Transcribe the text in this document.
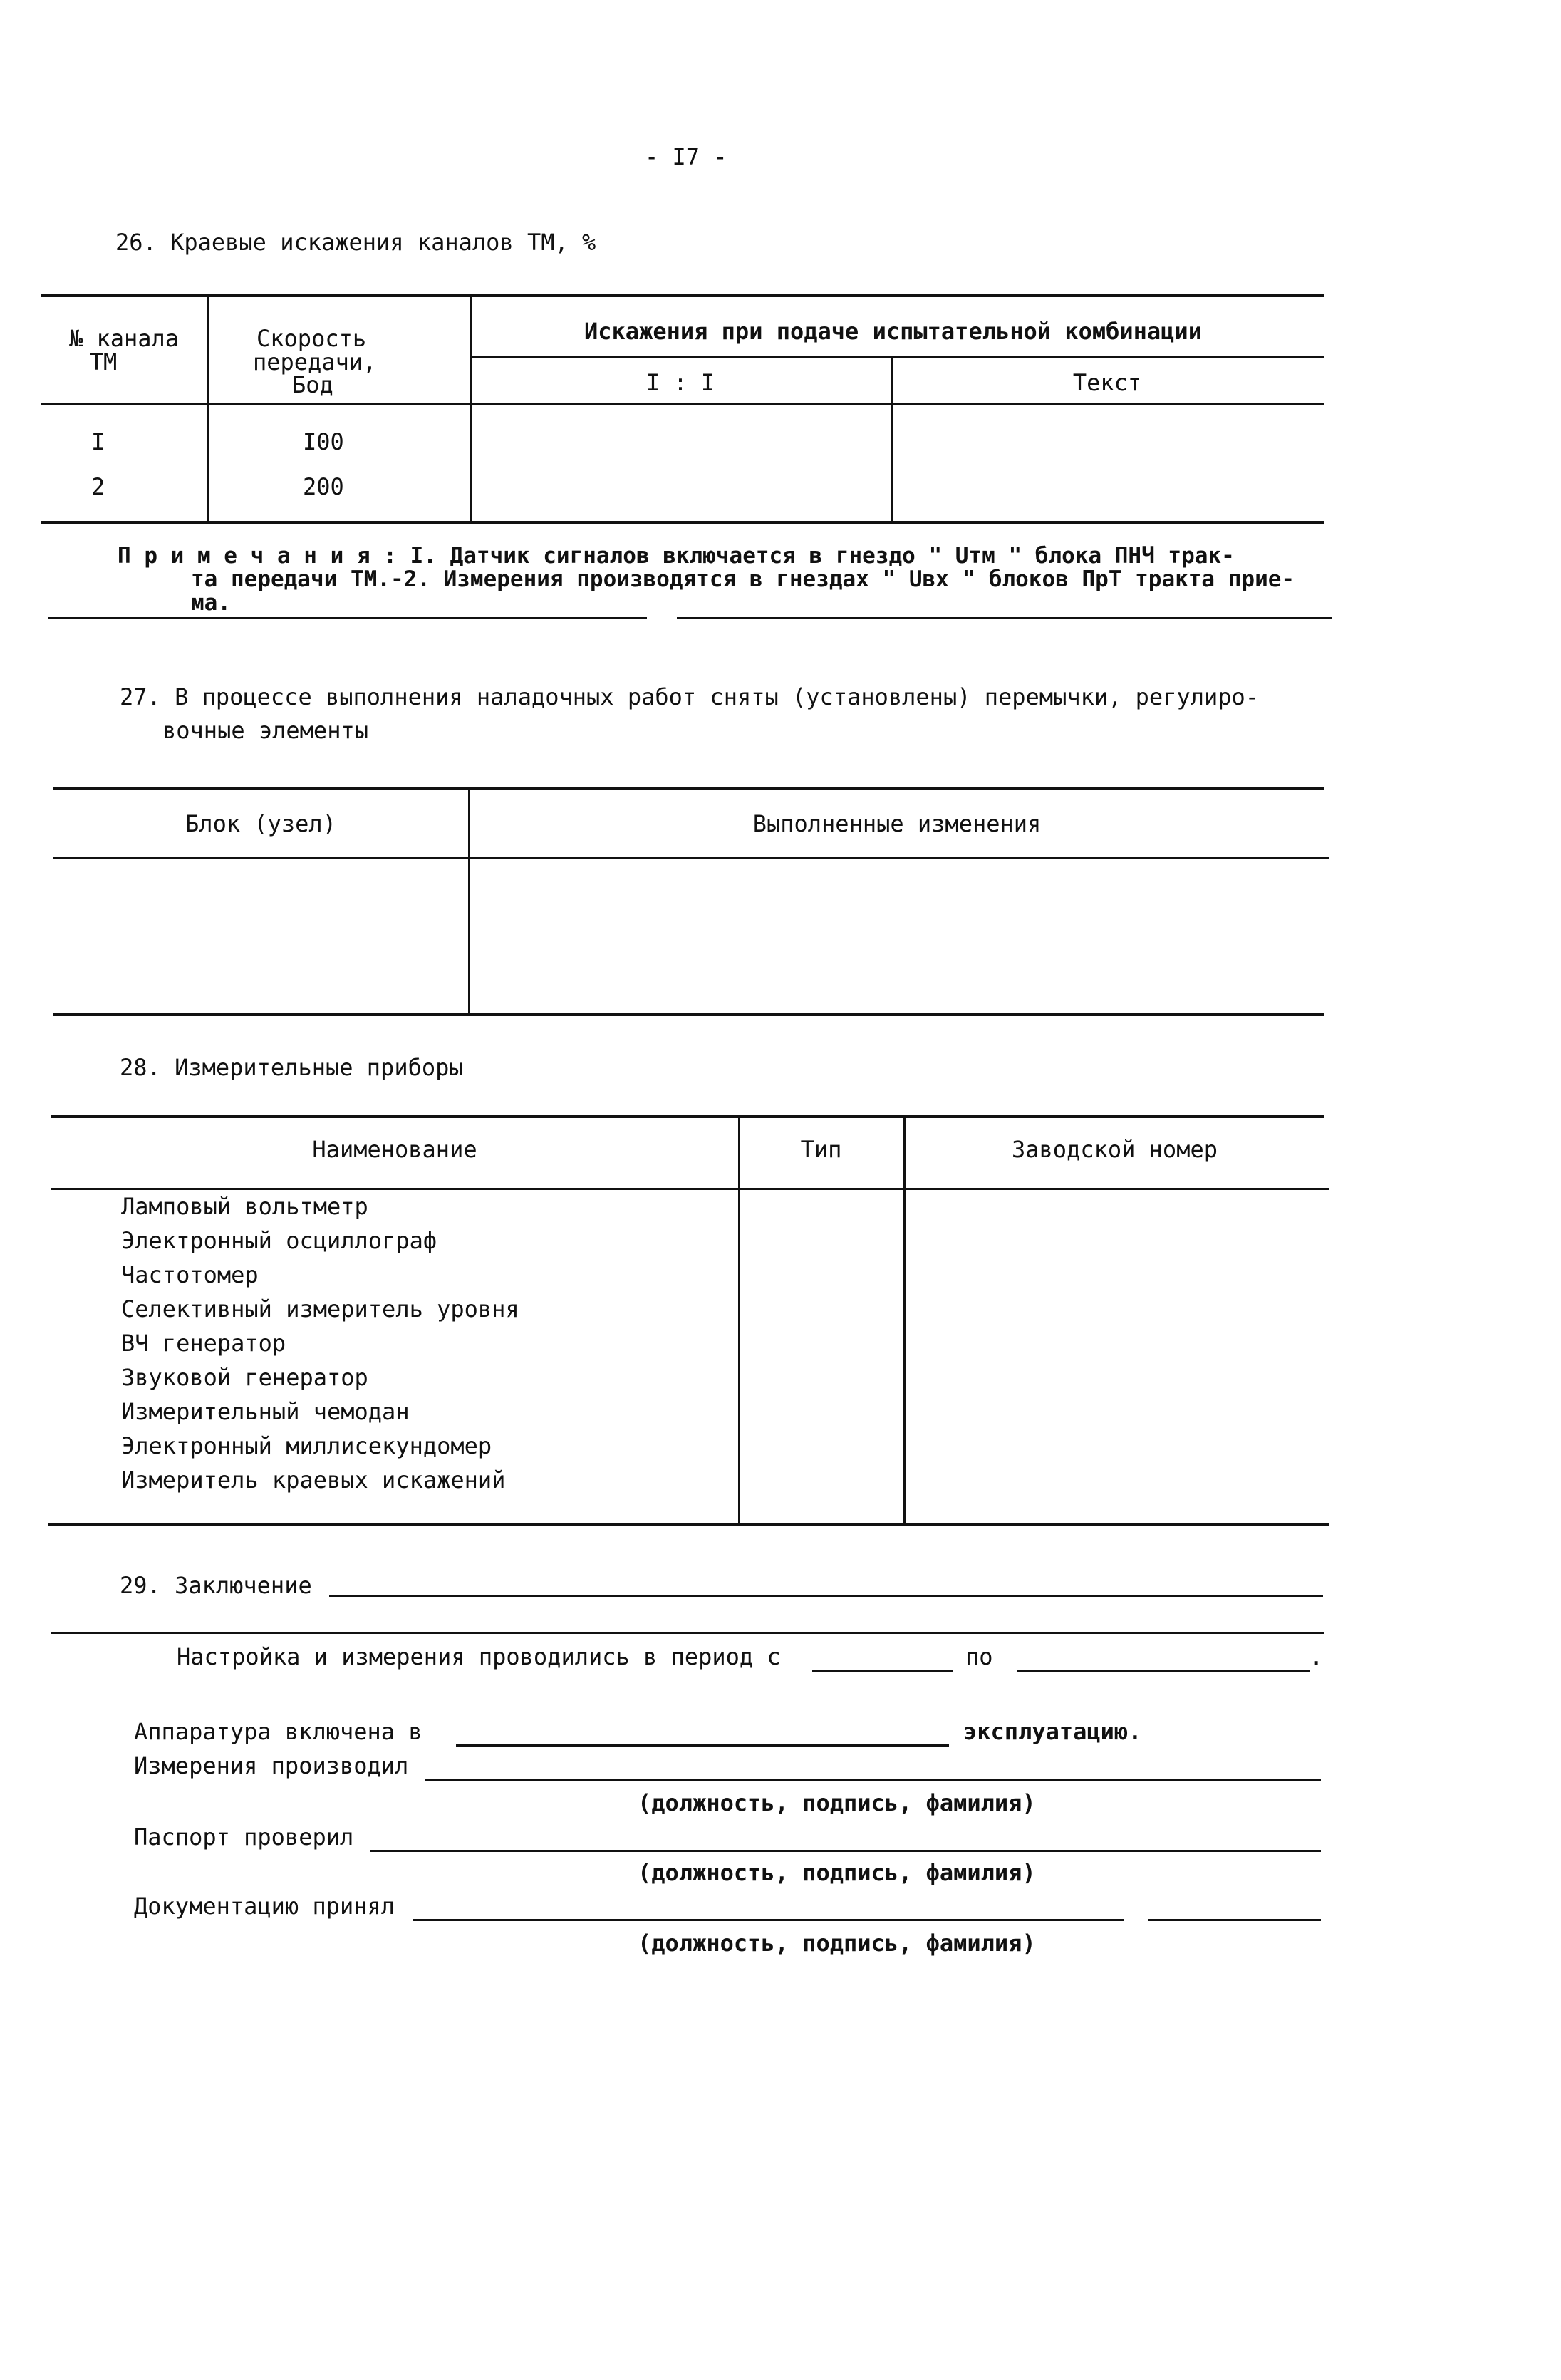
- I7 -
26. Краевые искажения каналов ТМ, %
№ канала
ТМ
Скорость
передачи,
Бод
Искажения при подаче испытательной комбинации
I : I	Текст
I	I00
2	200
П р и м е ч а н и я : I. Датчик сигналов включается в гнездо " Uтм " блока ПНЧ трак-
та передачи ТМ.-2. Измерения производятся в гнездах " Uвх " блоков ПрТ тракта прие-
ма.
27. В процессе выполнения наладочных работ сняты (установлены) перемычки, регулиро-
вочные элементы
Блок (узел)	Выполненные изменения
28. Измерительные приборы
Наименование	Тип	Заводской номер
Ламповый вольтметр
Электронный осциллограф
Частотомер
Селективный измеритель уровня
ВЧ генератор
Звуковой генератор
Измерительный чемодан
Электронный миллисекундомер
Измеритель краевых искажений
29. Заключение
Настройка и измерения проводились в период с	по	.
Аппаратура включена в	эксплуатацию.
Измерения производил
(должность, подпись, фамилия)
Паспорт проверил
(должность, подпись, фамилия)
Документацию принял
(должность, подпись, фамилия)
